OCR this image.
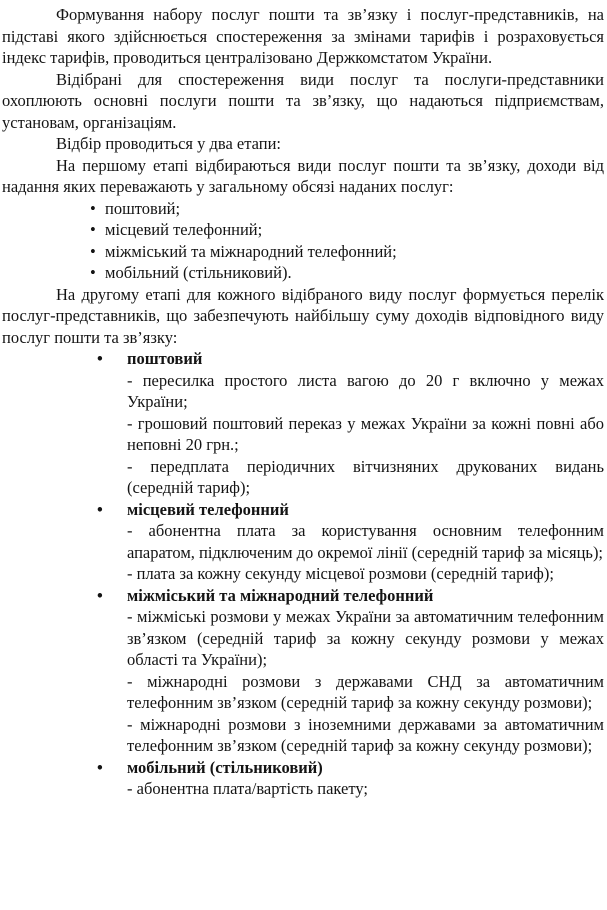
Формування набору послуг пошти та зв’язку і послуг-представників, на підставі якого здійснюється спостереження за змінами тарифів і розраховується індекс тарифів, проводиться централізовано Держкомстатом України.

Відібрані для спостереження види послуг та послуги-представники охоплюють основні послуги пошти та зв’язку, що надаються підприємствам, установам, організаціям.

Відбір проводиться у два етапи:

На першому етапі відбираються види послуг пошти та зв’язку, доходи від надання яких переважають у загальному обсязі наданих послуг:

• поштовий;
• місцевий телефонний;
• міжміський та міжнародний телефонний;
• мобільний (стільниковий).

На другому етапі для кожного відібраного виду послуг формується перелік послуг-представників, що забезпечують найбільшу суму доходів відповідного виду послуг пошти та зв’язку:

• поштовий

- пересилка простого листа вагою до 20 г включно у межах України;

- грошовий поштовий переказ у межах України за кожні повні або неповні 20 грн.;

- передплата періодичних вітчизняних друкованих видань (середній тариф);

• місцевий телефонний

- абонентна плата за користування основним телефонним апаратом, підключеним до окремої лінії (середній тариф за місяць);

- плата за кожну секунду місцевої розмови (середній тариф);

• міжміський та міжнародний телефонний

- міжміські розмови у межах України за автоматичним телефонним зв’язком (середній тариф за кожну секунду розмови у межах області та України);

- міжнародні розмови з державами СНД за автоматичним телефонним зв’язком (середній тариф за кожну секунду розмови);

- міжнародні розмови з іноземними державами за автоматичним телефонним зв’язком (середній тариф за кожну секунду розмови);

• мобільний (стільниковий)

- абонентна плата/вартість пакету;
